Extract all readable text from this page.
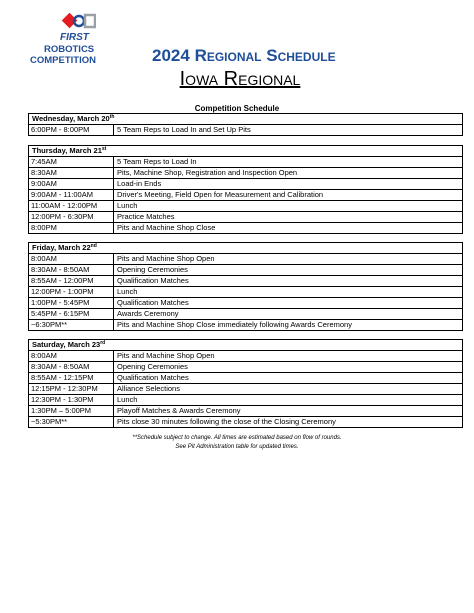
FIRST
ROBOTICS
COMPETITION	2024 Regional Schedule
Iowa Regional
Competition Schedule
Wednesday, March 20th
6:00PM - 8:00PM	5 Team Reps to Load In and Set Up Pits
Thursday, March 21st
7:45AM	5 Team Reps to Load In
8:30AM	Pits, Machine Shop, Registration and Inspection Open
9:00AM	Load-in Ends
9:00AM - 11:00AM	Driver's Meeting, Field Open for Measurement and Calibration
11:00AM - 12:00PM	Lunch
12:00PM - 6:30PM	Practice Matches
8:00PM	Pits and Machine Shop Close
Friday, March 22nd
8:00AM	Pits and Machine Shop Open
8:30AM - 8:50AM	Opening Ceremonies
8:55AM - 12:00PM	Qualification Matches
12:00PM - 1:00PM	Lunch
1:00PM - 5:45PM	Qualification Matches
5:45PM - 6:15PM	Awards Ceremony
~6:30PM**	Pits and Machine Shop Close immediately following Awards Ceremony
Saturday, March 23rd
8:00AM	Pits and Machine Shop Open
8:30AM - 8:50AM	Opening Ceremonies
8:55AM - 12:15PM	Qualification Matches
12:15PM - 12:30PM	Alliance Selections
12:30PM - 1:30PM	Lunch
1:30PM – 5:00PM	Playoff Matches & Awards Ceremony
~5:30PM**	Pits close 30 minutes following the close of the Closing Ceremony
**Schedule subject to change. All times are estimated based on flow of rounds.
See Pit Administration table for updated times.
